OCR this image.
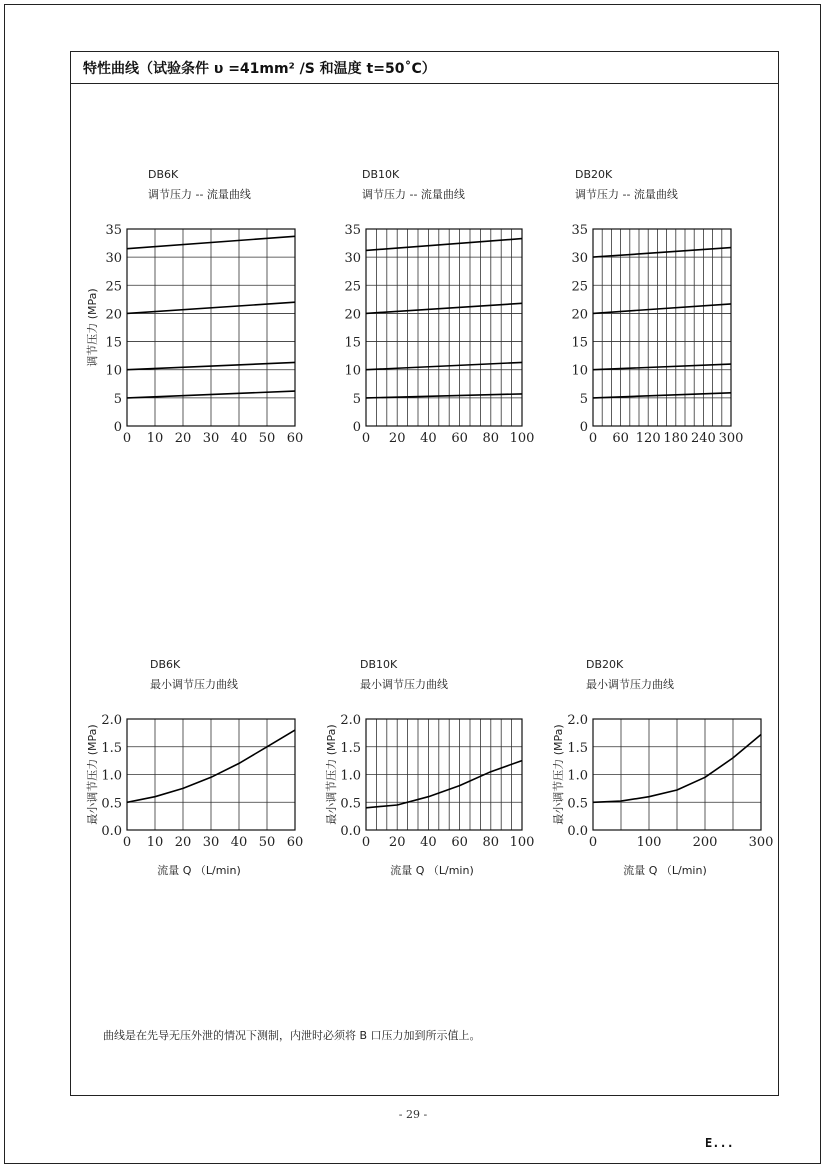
特性曲线（试验条件 υ =41mm² /S 和温度 t=50˚C）
曲线是在先导无压外泄的情况下测制，内泄时必须将 B 口压力加到所示值上。
DB6K
调节压力 -- 流量曲线
0
5
10
15
20
25
30
35
0 10 20 30 40 50 60
调节压力 (MPa)
DB10K
调节压力 -- 流量曲线
0
5
10
15
20
25
30
35
0 20 40 60 80 100
DB20K
调节压力 -- 流量曲线
0
5
10
15
20
25
30
35
0 60 120 180 240 300
DB6K
最小调节压力曲线
0.0
0.5
1.0
1.5
2.0
0 10 20 30 40 50 60
最小调节压力 (MPa)
流量 Q （L/min)
DB10K
最小调节压力曲线
0.0
0.5
1.0
1.5
2.0
0 20 40 60 80 100
最小调节压力 (MPa)
流量 Q （L/min)
DB20K
最小调节压力曲线
0.0
0.5
1.0
1.5
2.0
0	100 200 300
最小调节压力 (MPa)
流量 Q （L/min)
- 29 -
E...
